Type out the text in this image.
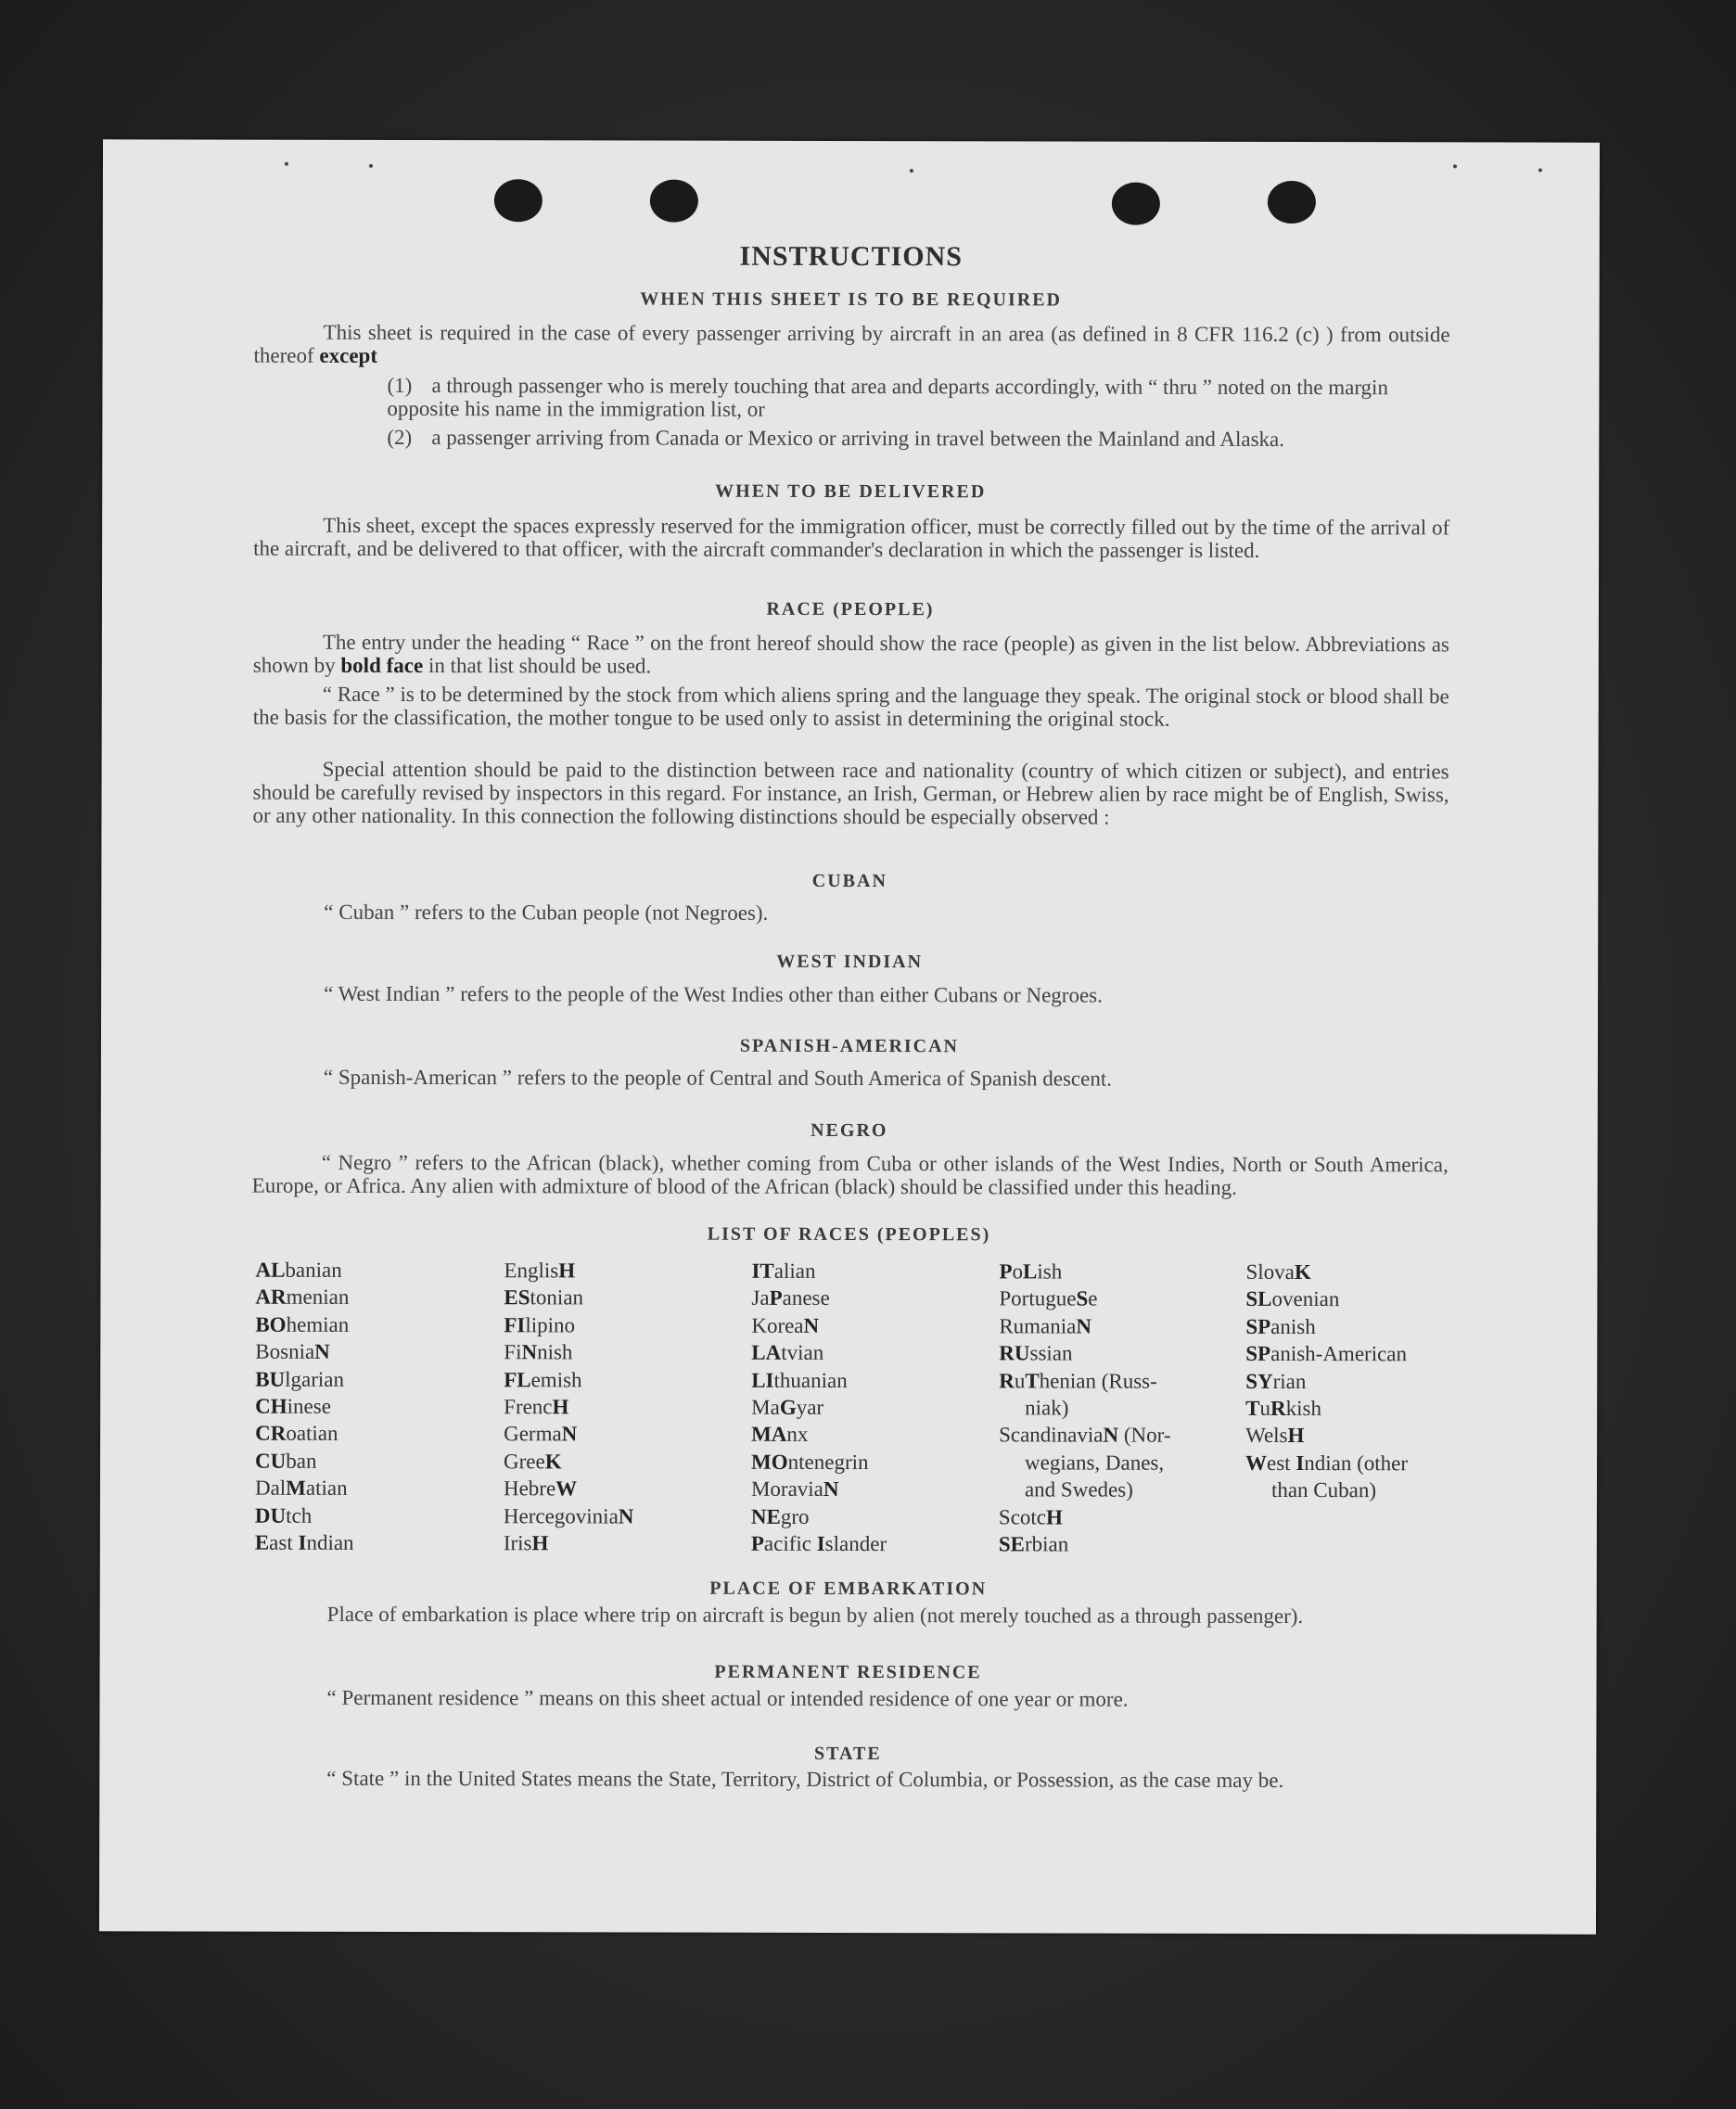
INSTRUCTIONS
WHEN THIS SHEET IS TO BE REQUIRED
This sheet is required in the case of every passenger arriving by aircraft in an area (as defined in 8 CFR 116.2 (c) ) from outside thereof except
(1) a through passenger who is merely touching that area and departs accordingly, with “ thru ” noted on the margin opposite his name in the immigration list, or
(2) a passenger arriving from Canada or Mexico or arriving in travel between the Mainland and Alaska.
WHEN TO BE DELIVERED
This sheet, except the spaces expressly reserved for the immigration officer, must be correctly filled out by the time of the arrival of the aircraft, and be delivered to that officer, with the aircraft commander's declaration in which the passenger is listed.
RACE (PEOPLE)
The entry under the heading “ Race ” on the front hereof should show the race (people) as given in the list below. Abbreviations as shown by bold face in that list should be used.
“ Race ” is to be determined by the stock from which aliens spring and the language they speak. The original stock or blood shall be the basis for the classification, the mother tongue to be used only to assist in determining the original stock.
Special attention should be paid to the distinction between race and nationality (country of which citizen or subject), and entries should be carefully revised by inspectors in this regard. For instance, an Irish, German, or Hebrew alien by race might be of English, Swiss, or any other nationality. In this connection the following distinctions should be especially observed :
CUBAN
“ Cuban ” refers to the Cuban people (not Negroes).
WEST INDIAN
“ West Indian ” refers to the people of the West Indies other than either Cubans or Negroes.
SPANISH-AMERICAN
“ Spanish-American ” refers to the people of Central and South America of Spanish descent.
NEGRO
“ Negro ” refers to the African (black), whether coming from Cuba or other islands of the West Indies, North or South America, Europe, or Africa. Any alien with admixture of blood of the African (black) should be classified under this heading.
LIST OF RACES (PEOPLES)
ALbanian
ARmenian
BOhemian
BosniaN
BUlgarian
CHinese
CRoatian
CUban
DalMatian
DUtch
East Indian
EnglisH
EStonian
FIlipino
FiNnish
FLemish
FrencH
GermaN
GreeK
HebreW
HercegoviniaN
IrisH
ITalian
JaPanese
KoreaN
LAtvian
LIthuanian
MaGyar
MAnx
MOntenegrin
MoraviaN
NEgro
Pacific Islander
PoLish
PortugueSe
RumaniaN
RUssian
RuThenian (Russ-
niak)
ScandinaviaN (Nor-
wegians, Danes,
and Swedes)
ScotcH
SErbian
SlovaK
SLovenian
SPanish
SPanish-American
SYrian
TuRkish
WelsH
West Indian (other
than Cuban)
PLACE OF EMBARKATION
Place of embarkation is place where trip on aircraft is begun by alien (not merely touched as a through passenger).
PERMANENT RESIDENCE
“ Permanent residence ” means on this sheet actual or intended residence of one year or more.
STATE
“ State ” in the United States means the State, Territory, District of Columbia, or Possession, as the case may be.
